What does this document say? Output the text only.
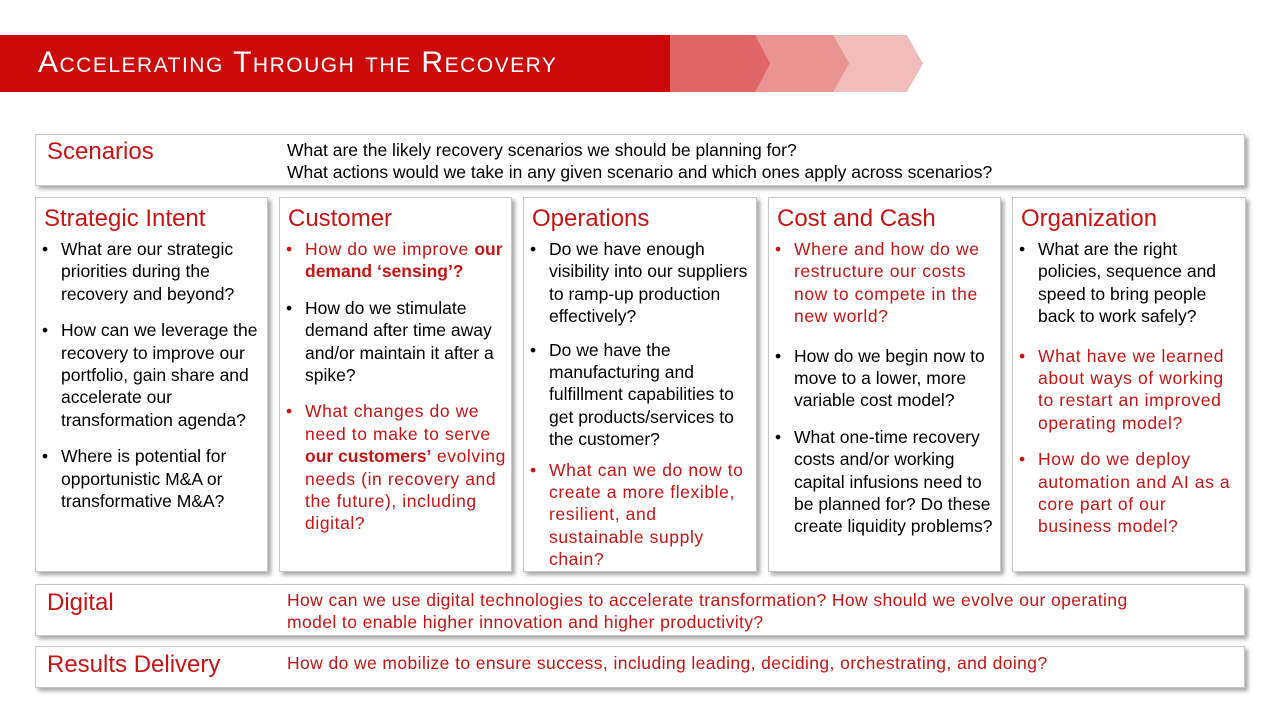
Accelerating Through the Recovery
Scenarios	What are the likely recovery scenarios we should be planning for?
What actions would we take in any given scenario and which ones apply across scenarios?
Strategic Intent
• What are our strategic priorities during the recovery and beyond?
• How can we leverage the recovery to improve our portfolio, gain share and accelerate our transformation agenda?
• Where is potential for opportunistic M&A or transformative M&A?
Customer
• How do we improve our demand ‘sensing’?
• How do we stimulate demand after time away and/or maintain it after a spike?
• What changes do we need to make to serve our customers’ evolving needs (in recovery and the future), including digital?
Operations
• Do we have enough visibility into our suppliers to ramp-up production effectively?
• Do we have the manufacturing and fulfillment capabilities to get products/services to the customer?
• What can we do now to create a more flexible, resilient, and sustainable supply chain?
Cost and Cash
• Where and how do we restructure our costs now to compete in the new world?
• How do we begin now to move to a lower, more variable cost model?
• What one-time recovery costs and/or working capital infusions need to be planned for? Do these create liquidity problems?
Organization
• What are the right policies, sequence and speed to bring people back to work safely?
• What have we learned about ways of working to restart an improved operating model?
• How do we deploy automation and AI as a core part of our business model?
Digital	How can we use digital technologies to accelerate transformation? How should we evolve our operating
model to enable higher innovation and higher productivity?
Results Delivery	How do we mobilize to ensure success, including leading, deciding, orchestrating, and doing?
